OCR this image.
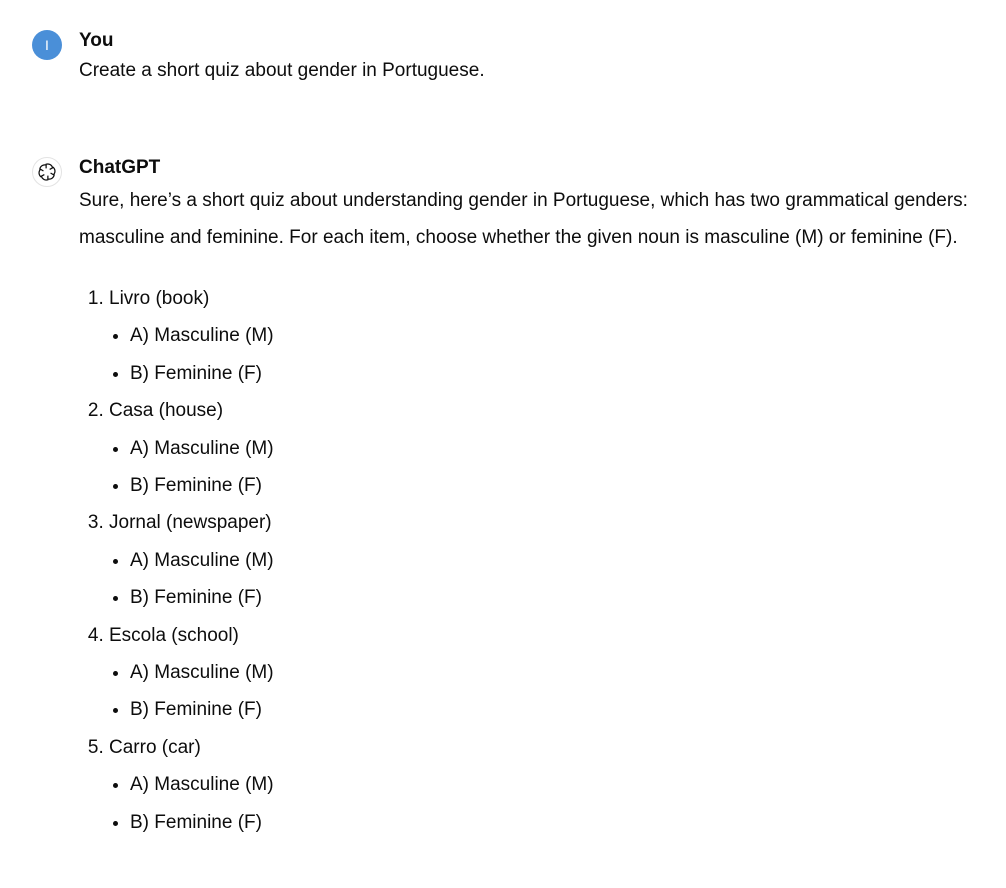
I You

Create a short quiz about gender in Portuguese.

ChatGPT

Sure, here’s a short quiz about understanding gender in Portuguese, which has two grammatical genders: masculine and feminine. For each item, choose whether the given noun is masculine (M) or feminine (F).

1. Livro (book)
• A) Masculine (M)
• B) Feminine (F)
2. Casa (house)
• A) Masculine (M)
• B) Feminine (F)
3. Jornal (newspaper)
• A) Masculine (M)
• B) Feminine (F)
4. Escola (school)
• A) Masculine (M)
• B) Feminine (F)
5. Carro (car)
• A) Masculine (M)
• B) Feminine (F)
